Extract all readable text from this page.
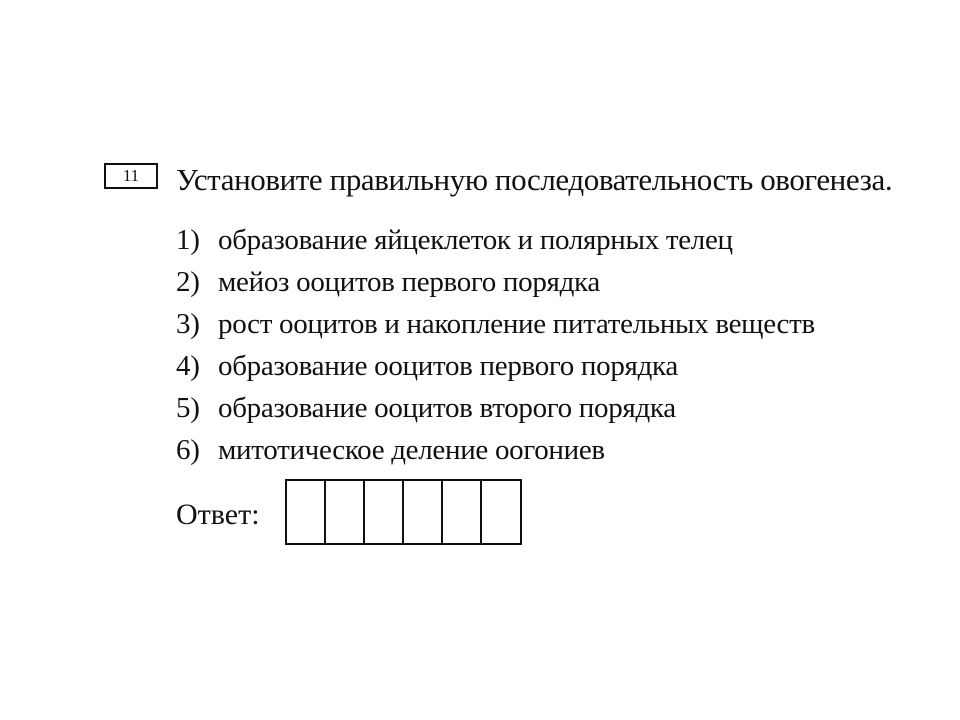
11	Установите правильную последовательность овогенеза.
1) образование яйцеклеток и полярных телец
2) мейоз ооцитов первого порядка
3) рост ооцитов и накопление питательных веществ
4) образование ооцитов первого порядка
5) образование ооцитов второго порядка
6) митотическое деление оогониев
Ответ:
